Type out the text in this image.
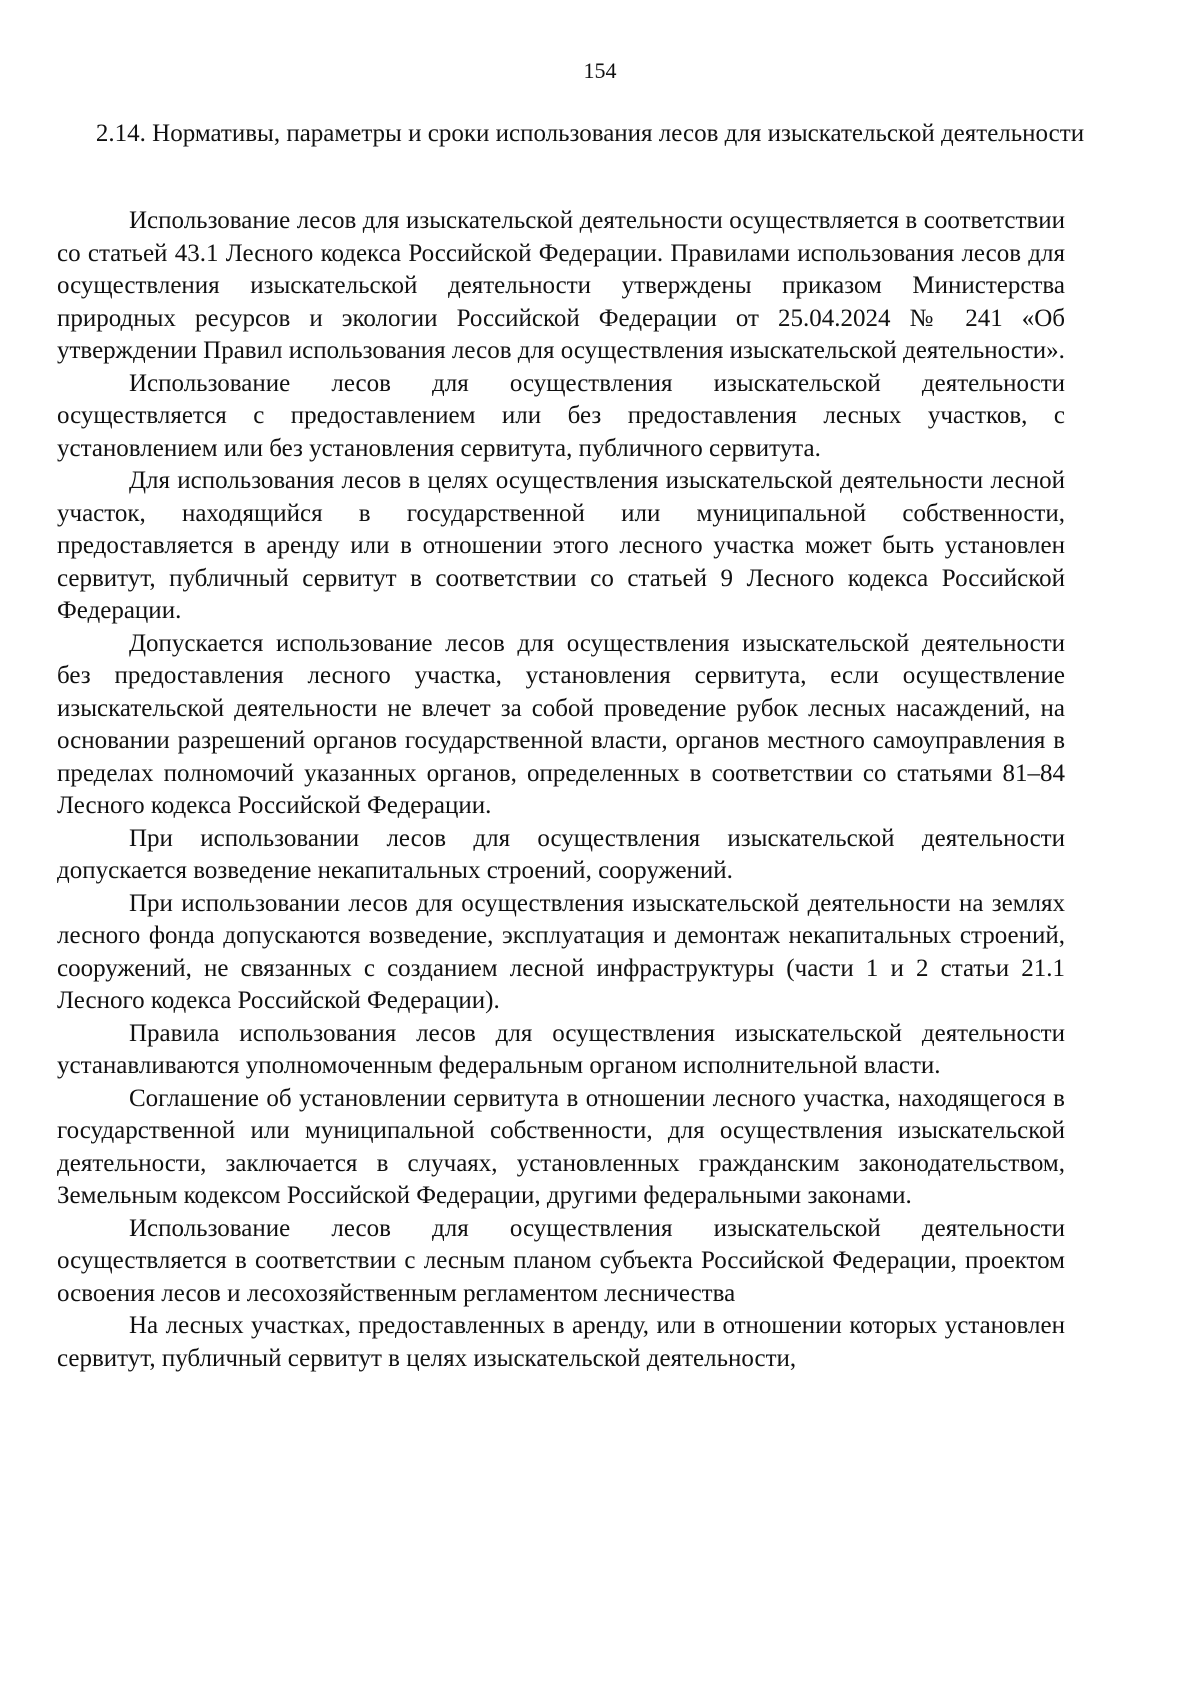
154
2.14. Нормативы, параметры и сроки использования лесов для изыскательской деятельности

Использование лесов для изыскательской деятельности осуществляется в соответствии со статьей 43.1 Лесного кодекса Российской Федерации. Правилами использования лесов для осуществления изыскательской деятельности утверждены приказом Министерства природных ресурсов и экологии Российской Федерации от 25.04.2024 № 241 «Об утверждении Правил использования лесов для осуществления изыскательской деятельности».

Использование лесов для осуществления изыскательской деятельности осуществляется с предоставлением или без предоставления лесных участков, с установлением или без установления сервитута, публичного сервитута.

Для использования лесов в целях осуществления изыскательской деятельности лесной участок, находящийся в государственной или муниципальной собственности, предоставляется в аренду или в отношении этого лесного участка может быть установлен сервитут, публичный сервитут в соответствии со статьей 9 Лесного кодекса Российской Федерации.

Допускается использование лесов для осуществления изыскательской деятельности без предоставления лесного участка, установления сервитута, если осуществление изыскательской деятельности не влечет за собой проведение рубок лесных насаждений, на основании разрешений органов государственной власти, органов местного самоуправления в пределах полномочий указанных органов, определенных в соответствии со статьями 81–84 Лесного кодекса Российской Федерации.

При использовании лесов для осуществления изыскательской деятельности допускается возведение некапитальных строений, сооружений.

При использовании лесов для осуществления изыскательской деятельности на землях лесного фонда допускаются возведение, эксплуатация и демонтаж некапитальных строений, сооружений, не связанных с созданием лесной инфраструктуры (части 1 и 2 статьи 21.1 Лесного кодекса Российской Федерации).

Правила использования лесов для осуществления изыскательской деятельности устанавливаются уполномоченным федеральным органом исполнительной власти.

Соглашение об установлении сервитута в отношении лесного участка, находящегося в государственной или муниципальной собственности, для осуществления изыскательской деятельности, заключается в случаях, установленных гражданским законодательством, Земельным кодексом Российской Федерации, другими федеральными законами.

Использование лесов для осуществления изыскательской деятельности осуществляется в соответствии с лесным планом субъекта Российской Федерации, проектом освоения лесов и лесохозяйственным регламентом лесничества

На лесных участках, предоставленных в аренду, или в отношении которых установлен сервитут, публичный сервитут в целях изыскательской деятельности,
